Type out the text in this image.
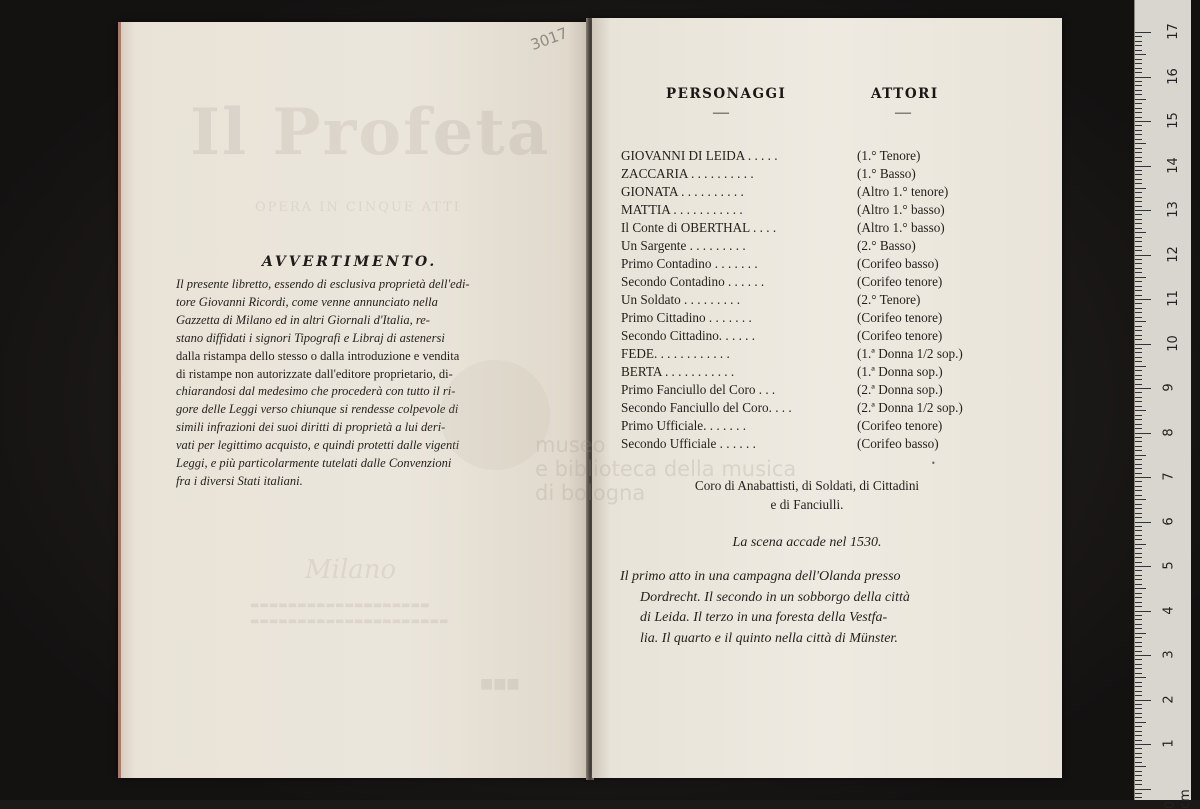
3017
AVVERTIMENTO.
Il presente libretto, essendo di esclusiva proprietà dell'edi-
tore Giovanni Ricordi, come venne annunciato nella
Gazzetta di Milano ed in altri Giornali d'Italia, re-
stano diffidati i signori Tipografi e Libraj di astenersi
dalla ristampa dello stesso o dalla introduzione e vendita
di ristampe non autorizzate dall'editore proprietario, di-
chiarandosi dal medesimo che procederà con tutto il ri-
gore delle Leggi verso chiunque si rendesse colpevole di
simili infrazioni dei suoi diritti di proprietà a lui deri-
vati per legittimo acquisto, e quindi protetti dalle vigenti
Leggi, e più particolarmente tutelati dalle Convenzioni
fra i diversi Stati italiani.
museo
e biblioteca della musica
di bologna
PERSONAGGI	ATTORI
—	—
GIOVANNI DI LEIDA . . . . .	(1.° Tenore)
ZACCARIA . . . . . . . . . .	(1.° Basso)
GIONATA . . . . . . . . . .	(Altro 1.° tenore)
MATTIA . . . . . . . . . . .	(Altro 1.° basso)
Il Conte di OBERTHAL . . . .	(Altro 1.° basso)
Un Sargente . . . . . . . . .	(2.° Basso)
Primo Contadino . . . . . . .	(Corifeo basso)
Secondo Contadino . . . . . .	(Corifeo tenore)
Un Soldato . . . . . . . . .	(2.° Tenore)
Primo Cittadino . . . . . . .	(Corifeo tenore)
Secondo Cittadino. . . . . .	(Corifeo tenore)
FEDE. . . . . . . . . . . .	(1.ª Donna 1/2 sop.)
BERTA . . . . . . . . . . .	(1.ª Donna sop.)
Primo Fanciullo del Coro . . .	(2.ª Donna sop.)
Secondo Fanciullo del Coro. . . .	(2.ª Donna 1/2 sop.)
Primo Ufficiale. . . . . . .	(Corifeo tenore)
Secondo Ufficiale . . . . . .	(Corifeo basso)
•
Coro di Anabattisti, di Soldati, di Cittadini
e di Fanciulli.
La scena accade nel 1530.
Il primo atto in una campagna dell'Olanda presso
Dordrecht. Il secondo in un sobborgo della città
di Leida. Il terzo in una foresta della Vestfa-
lia. Il quarto e il quinto nella città di Münster.
17
16
15
14
13
12
11
10
9
8
7
6
5
4
3
2
1
0 cm
